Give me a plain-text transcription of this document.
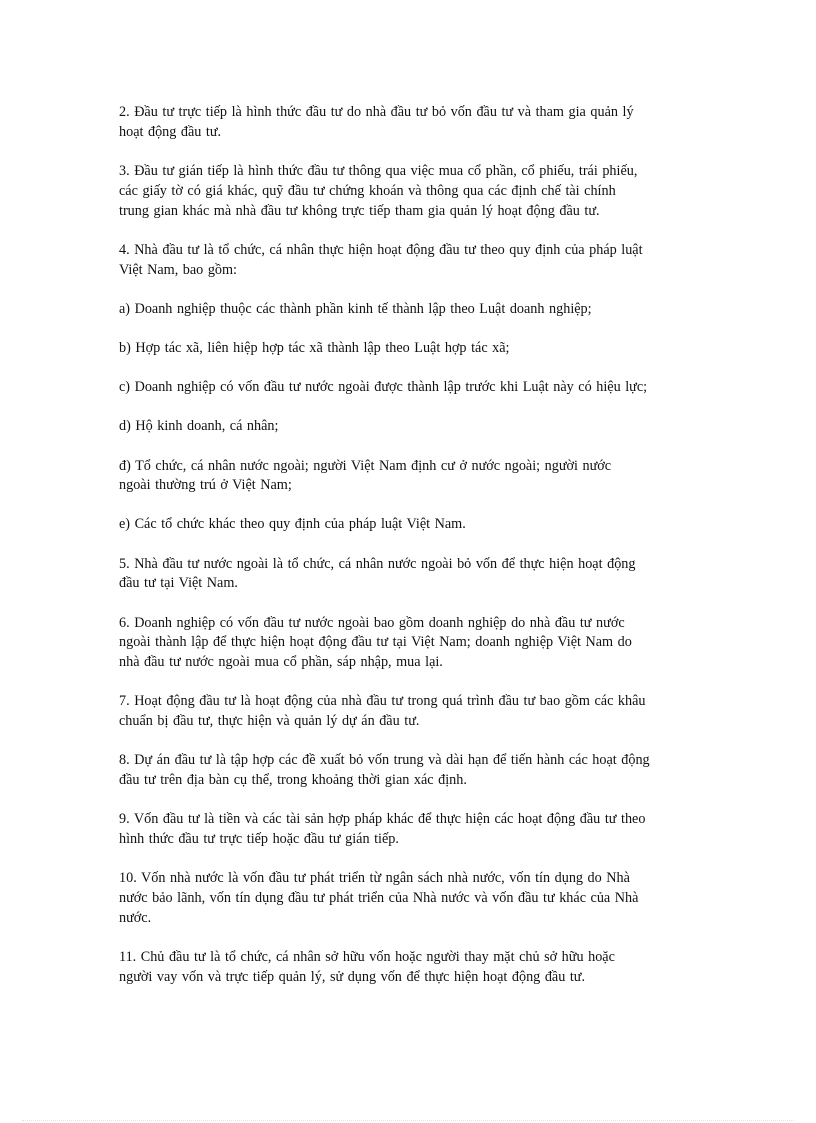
2. Đầu tư trực tiếp là hình thức đầu tư do nhà đầu tư bỏ vốn đầu tư và tham gia quản lý
hoạt động đầu tư.

3. Đầu tư gián tiếp là hình thức đầu tư thông qua việc mua cổ phần, cổ phiếu, trái phiếu,
các giấy tờ có giá khác, quỹ đầu tư chứng khoán và thông qua các định chế tài chính
trung gian khác mà nhà đầu tư không trực tiếp tham gia quản lý hoạt động đầu tư.

4. Nhà đầu tư là tổ chức, cá nhân thực hiện hoạt động đầu tư theo quy định của pháp luật
Việt Nam, bao gồm:

a) Doanh nghiệp thuộc các thành phần kinh tế thành lập theo Luật doanh nghiệp;

b) Hợp tác xã, liên hiệp hợp tác xã thành lập theo Luật hợp tác xã;

c) Doanh nghiệp có vốn đầu tư nước ngoài được thành lập trước khi Luật này có hiệu lực;

d) Hộ kinh doanh, cá nhân;

đ) Tổ chức, cá nhân nước ngoài; người Việt Nam định cư ở nước ngoài; người nước
ngoài thường trú ở Việt Nam;

e) Các tổ chức khác theo quy định của pháp luật Việt Nam.

5. Nhà đầu tư nước ngoài là tổ chức, cá nhân nước ngoài bỏ vốn để thực hiện hoạt động
đầu tư tại Việt Nam.

6. Doanh nghiệp có vốn đầu tư nước ngoài bao gồm doanh nghiệp do nhà đầu tư nước
ngoài thành lập để thực hiện hoạt động đầu tư tại Việt Nam; doanh nghiệp Việt Nam do
nhà đầu tư nước ngoài mua cổ phần, sáp nhập, mua lại.

7. Hoạt động đầu tư là hoạt động của nhà đầu tư trong quá trình đầu tư bao gồm các khâu
chuẩn bị đầu tư, thực hiện và quản lý dự án đầu tư.

8. Dự án đầu tư là tập hợp các đề xuất bỏ vốn trung và dài hạn để tiến hành các hoạt động
đầu tư trên địa bàn cụ thể, trong khoảng thời gian xác định.

9. Vốn đầu tư là tiền và các tài sản hợp pháp khác để thực hiện các hoạt động đầu tư theo
hình thức đầu tư trực tiếp hoặc đầu tư gián tiếp.

10. Vốn nhà nước là vốn đầu tư phát triển từ ngân sách nhà nước, vốn tín dụng do Nhà
nước bảo lãnh, vốn tín dụng đầu tư phát triển của Nhà nước và vốn đầu tư khác của Nhà
nước.

11. Chủ đầu tư là tổ chức, cá nhân sở hữu vốn hoặc người thay mặt chủ sở hữu hoặc
người vay vốn và trực tiếp quản lý, sử dụng vốn để thực hiện hoạt động đầu tư.
